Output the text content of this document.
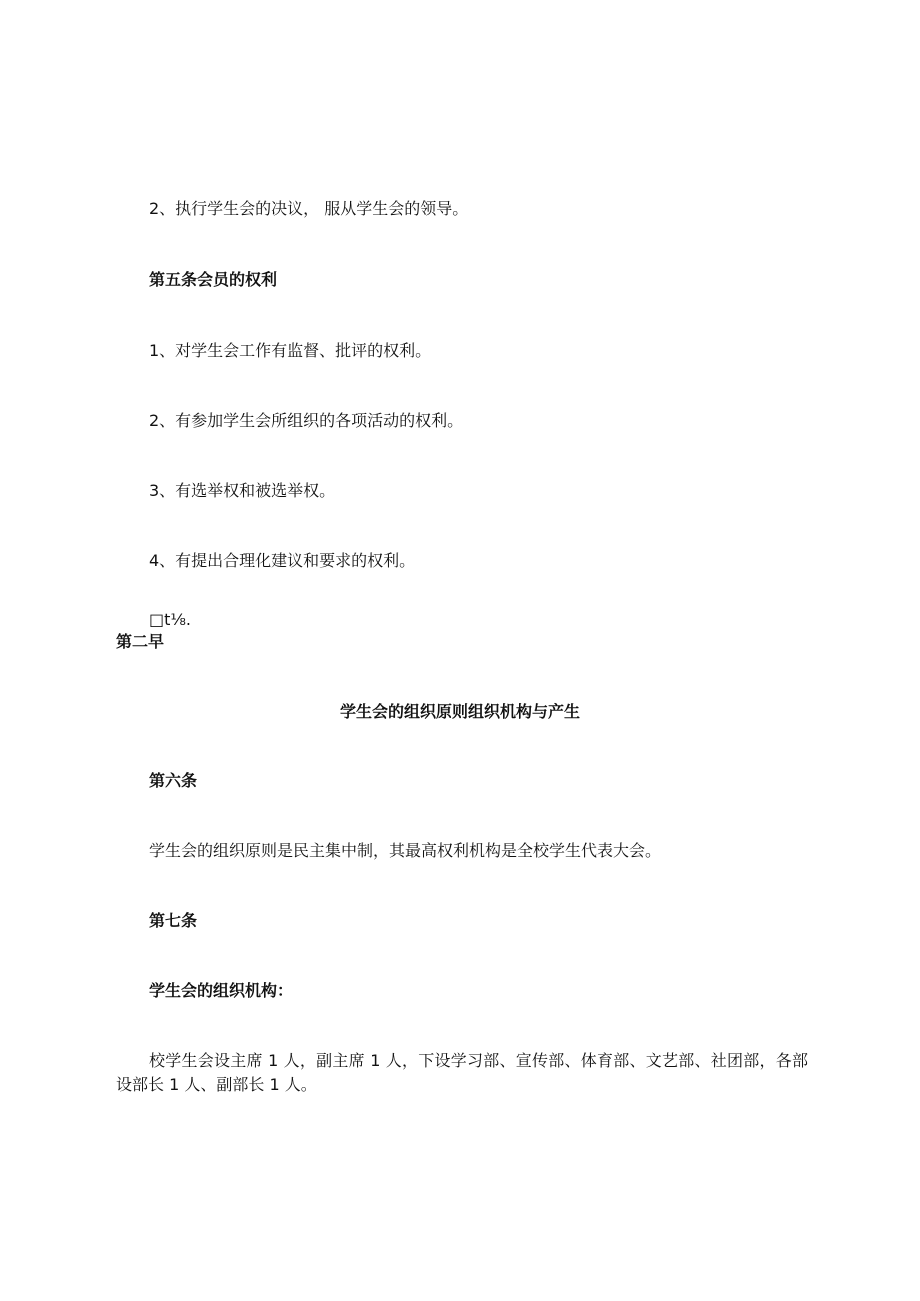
2、执行学生会的决议， 服从学生会的领导。
第五条会员的权利
1、对学生会工作有监督、批评的权利。
2、有参加学生会所组织的各项活动的权利。
3、有选举权和被选举权。
4、有提出合理化建议和要求的权利。
□t⅛.
第二早
学生会的组织原则组织机构与产生
第六条
学生会的组织原则是民主集中制，其最高权利机构是全校学生代表大会。
第七条
学生会的组织机构：
校学生会设主席 1 人，副主席 1 人，下设学习部、宣传部、体育部、文艺部、社团部，各部设部长 1 人、副部长 1 人。
